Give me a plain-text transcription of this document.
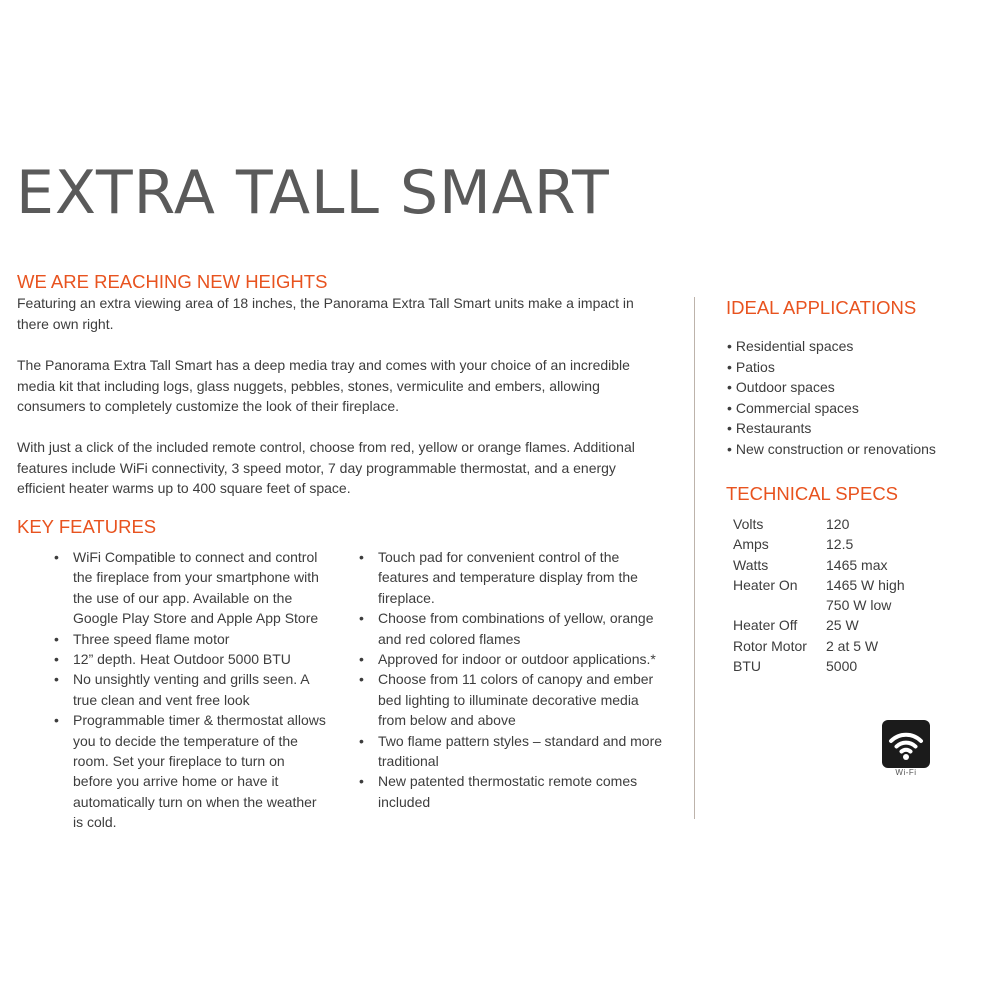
EXTRA TALL SMART
WE ARE REACHING NEW HEIGHTS

Featuring an extra viewing area of 18 inches, the Panorama Extra Tall Smart units make a impact in there own right.

The Panorama Extra Tall Smart has a deep media tray and comes with your choice of an incredible media kit that including logs, glass nuggets, pebbles, stones, vermiculite and embers, allowing consumers to completely customize the look of their fireplace.

With just a click of the included remote control, choose from red, yellow or orange flames. Additional features include WiFi connectivity, 3 speed motor, 7 day programmable thermostat, and a energy efficient heater warms up to 400 square feet of space.

KEY FEATURES
• WiFi Compatible to connect and control the fireplace from your smartphone with the use of our app. Available on the Google Play Store and Apple App Store
• Three speed flame motor
• 12” depth. Heat Outdoor 5000 BTU
• No unsightly venting and grills seen. A true clean and vent free look
• Programmable timer & thermostat allows you to decide the temperature of the room. Set your fireplace to turn on before you arrive home or have it automatically turn on when the weather is cold.
• Touch pad for convenient control of the features and temperature display from the fireplace.
• Choose from combinations of yellow, orange and red colored flames
• Approved for indoor or outdoor applications.*
• Choose from 11 colors of canopy and ember bed lighting to illuminate decorative media from below and above
• Two flame pattern styles – standard and more traditional
• New patented thermostatic remote comes included
IDEAL APPLICATIONS
• Residential spaces
• Patios
• Outdoor spaces
• Commercial spaces
• Restaurants
• New construction or renovations
TECHNICAL SPECS
Volts	120
Amps	12.5
Watts	1465 max
Heater On	1465 W high
	750 W low
Heater Off	25 W
Rotor Motor	2 at 5 W
BTU	5000
Wi-Fi
